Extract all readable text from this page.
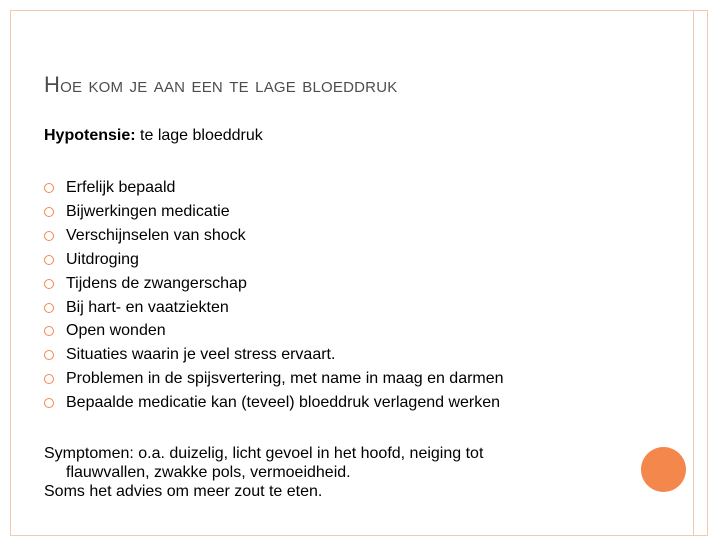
Hoe kom je aan een te lage bloeddruk
Hypotensie: te lage bloeddruk
Erfelijk bepaald
Bijwerkingen medicatie
Verschijnselen van shock
Uitdroging
Tijdens de zwangerschap
Bij hart- en vaatziekten
Open wonden
Situaties waarin je veel stress ervaart.
Problemen in de spijsvertering, met name in maag en darmen
Bepaalde medicatie kan (teveel) bloeddruk verlagend werken
Symptomen: o.a. duizelig, licht gevoel in het hoofd, neiging tot
flauwvallen, zwakke pols, vermoeidheid.
Soms het advies om meer zout te eten.
